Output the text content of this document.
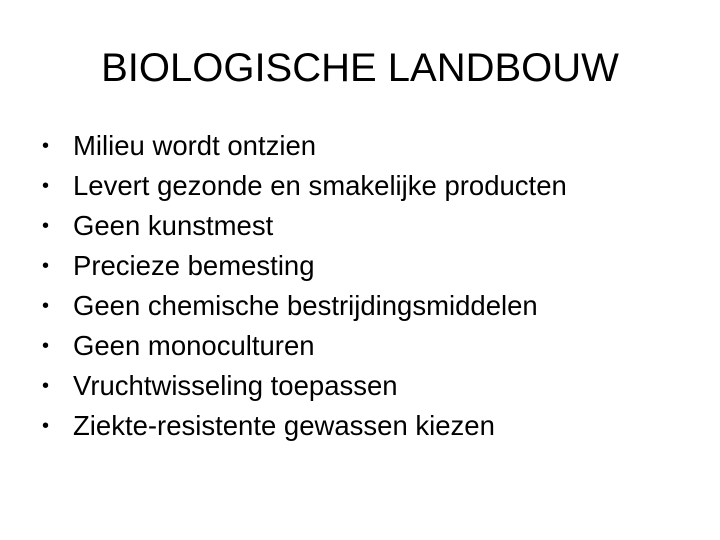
BIOLOGISCHE LANDBOUW
• Milieu wordt ontzien
• Levert gezonde en smakelijke producten
• Geen kunstmest
• Precieze bemesting
• Geen chemische bestrijdingsmiddelen
• Geen monoculturen
• Vruchtwisseling toepassen
• Ziekte-resistente gewassen kiezen
